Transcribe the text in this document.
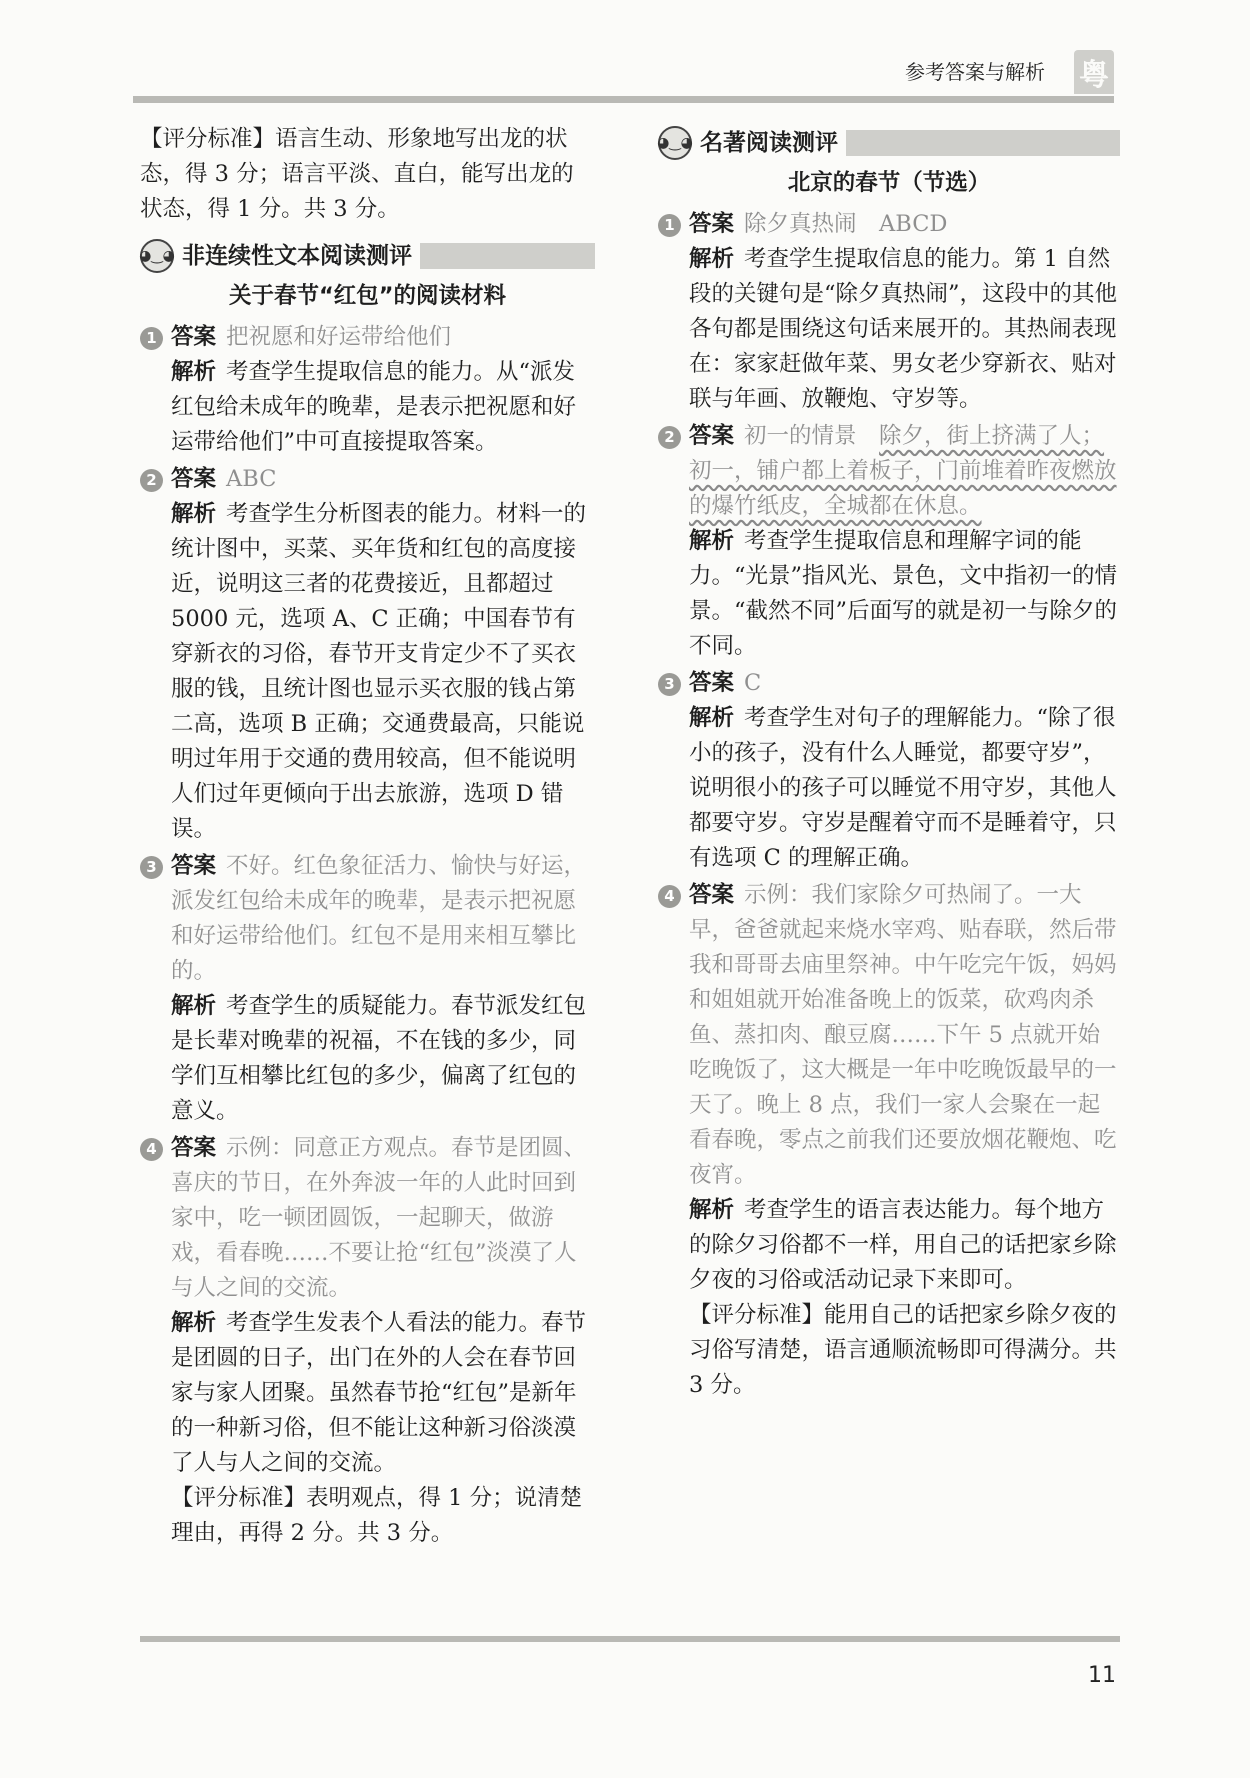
参考答案与解析 粤

【评分标准】语言生动、形象地写出龙的状态，得 3 分；语言平淡、直白，能写出龙的状态，得 1 分。共 3 分。

◕‿◕ 非连续性文本阅读测评
关于春节“红包”的阅读材料
1 答案 把祝愿和好运带给他们

解析 考查学生提取信息的能力。从“派发红包给未成年的晚辈，是表示把祝愿和好运带给他们”中可直接提取答案。

2 答案 ABC

解析 考查学生分析图表的能力。材料一的统计图中，买菜、买年货和红包的高度接近，说明这三者的花费接近，且都超过 5000 元，选项 A、C 正确；中国春节有穿新衣的习俗，春节开支肯定少不了买衣服的钱，且统计图也显示买衣服的钱占第二高，选项 B 正确；交通费最高，只能说明过年用于交通的费用较高，但不能说明人们过年更倾向于出去旅游，选项 D 错误。

3 答案 不好。红色象征活力、愉快与好运，派发红包给未成年的晚辈，是表示把祝愿和好运带给他们。红包不是用来相互攀比的。

解析 考查学生的质疑能力。春节派发红包是长辈对晚辈的祝福，不在钱的多少，同学们互相攀比红包的多少，偏离了红包的意义。

4 答案 示例：同意正方观点。春节是团圆、喜庆的节日，在外奔波一年的人此时回到家中，吃一顿团圆饭，一起聊天，做游戏，看春晚……不要让抢“红包”淡漠了人与人之间的交流。

解析 考查学生发表个人看法的能力。春节是团圆的日子，出门在外的人会在春节回家与家人团聚。虽然春节抢“红包”是新年的一种新习俗，但不能让这种新习俗淡漠了人与人之间的交流。

【评分标准】表明观点，得 1 分；说清楚理由，再得 2 分。共 3 分。

◕‿◕ 名著阅读测评
北京的春节（节选）
1 答案 除夕真热闹　ABCD

解析 考查学生提取信息的能力。第 1 自然段的关键句是“除夕真热闹”，这段中的其他各句都是围绕这句话来展开的。其热闹表现在：家家赶做年菜、男女老少穿新衣、贴对联与年画、放鞭炮、守岁等。

2 答案 初一的情景　除夕，街上挤满了人；初一，铺户都上着板子，门前堆着昨夜燃放的爆竹纸皮，全城都在休息。

解析 考查学生提取信息和理解字词的能力。“光景”指风光、景色，文中指初一的情景。“截然不同”后面写的就是初一与除夕的不同。

3 答案 C

解析 考查学生对句子的理解能力。“除了很小的孩子，没有什么人睡觉，都要守岁”，说明很小的孩子可以睡觉不用守岁，其他人都要守岁。守岁是醒着守而不是睡着守，只有选项 C 的理解正确。

4 答案 示例：我们家除夕可热闹了。一大早，爸爸就起来烧水宰鸡、贴春联，然后带我和哥哥去庙里祭神。中午吃完午饭，妈妈和姐姐就开始准备晚上的饭菜，砍鸡肉杀鱼、蒸扣肉、酿豆腐……下午 5 点就开始吃晚饭了，这大概是一年中吃晚饭最早的一天了。晚上 8 点，我们一家人会聚在一起看春晚，零点之前我们还要放烟花鞭炮、吃夜宵。

解析 考查学生的语言表达能力。每个地方的除夕习俗都不一样，用自己的话把家乡除夕夜的习俗或活动记录下来即可。

【评分标准】能用自己的话把家乡除夕夜的习俗写清楚，语言通顺流畅即可得满分。共 3 分。

11
